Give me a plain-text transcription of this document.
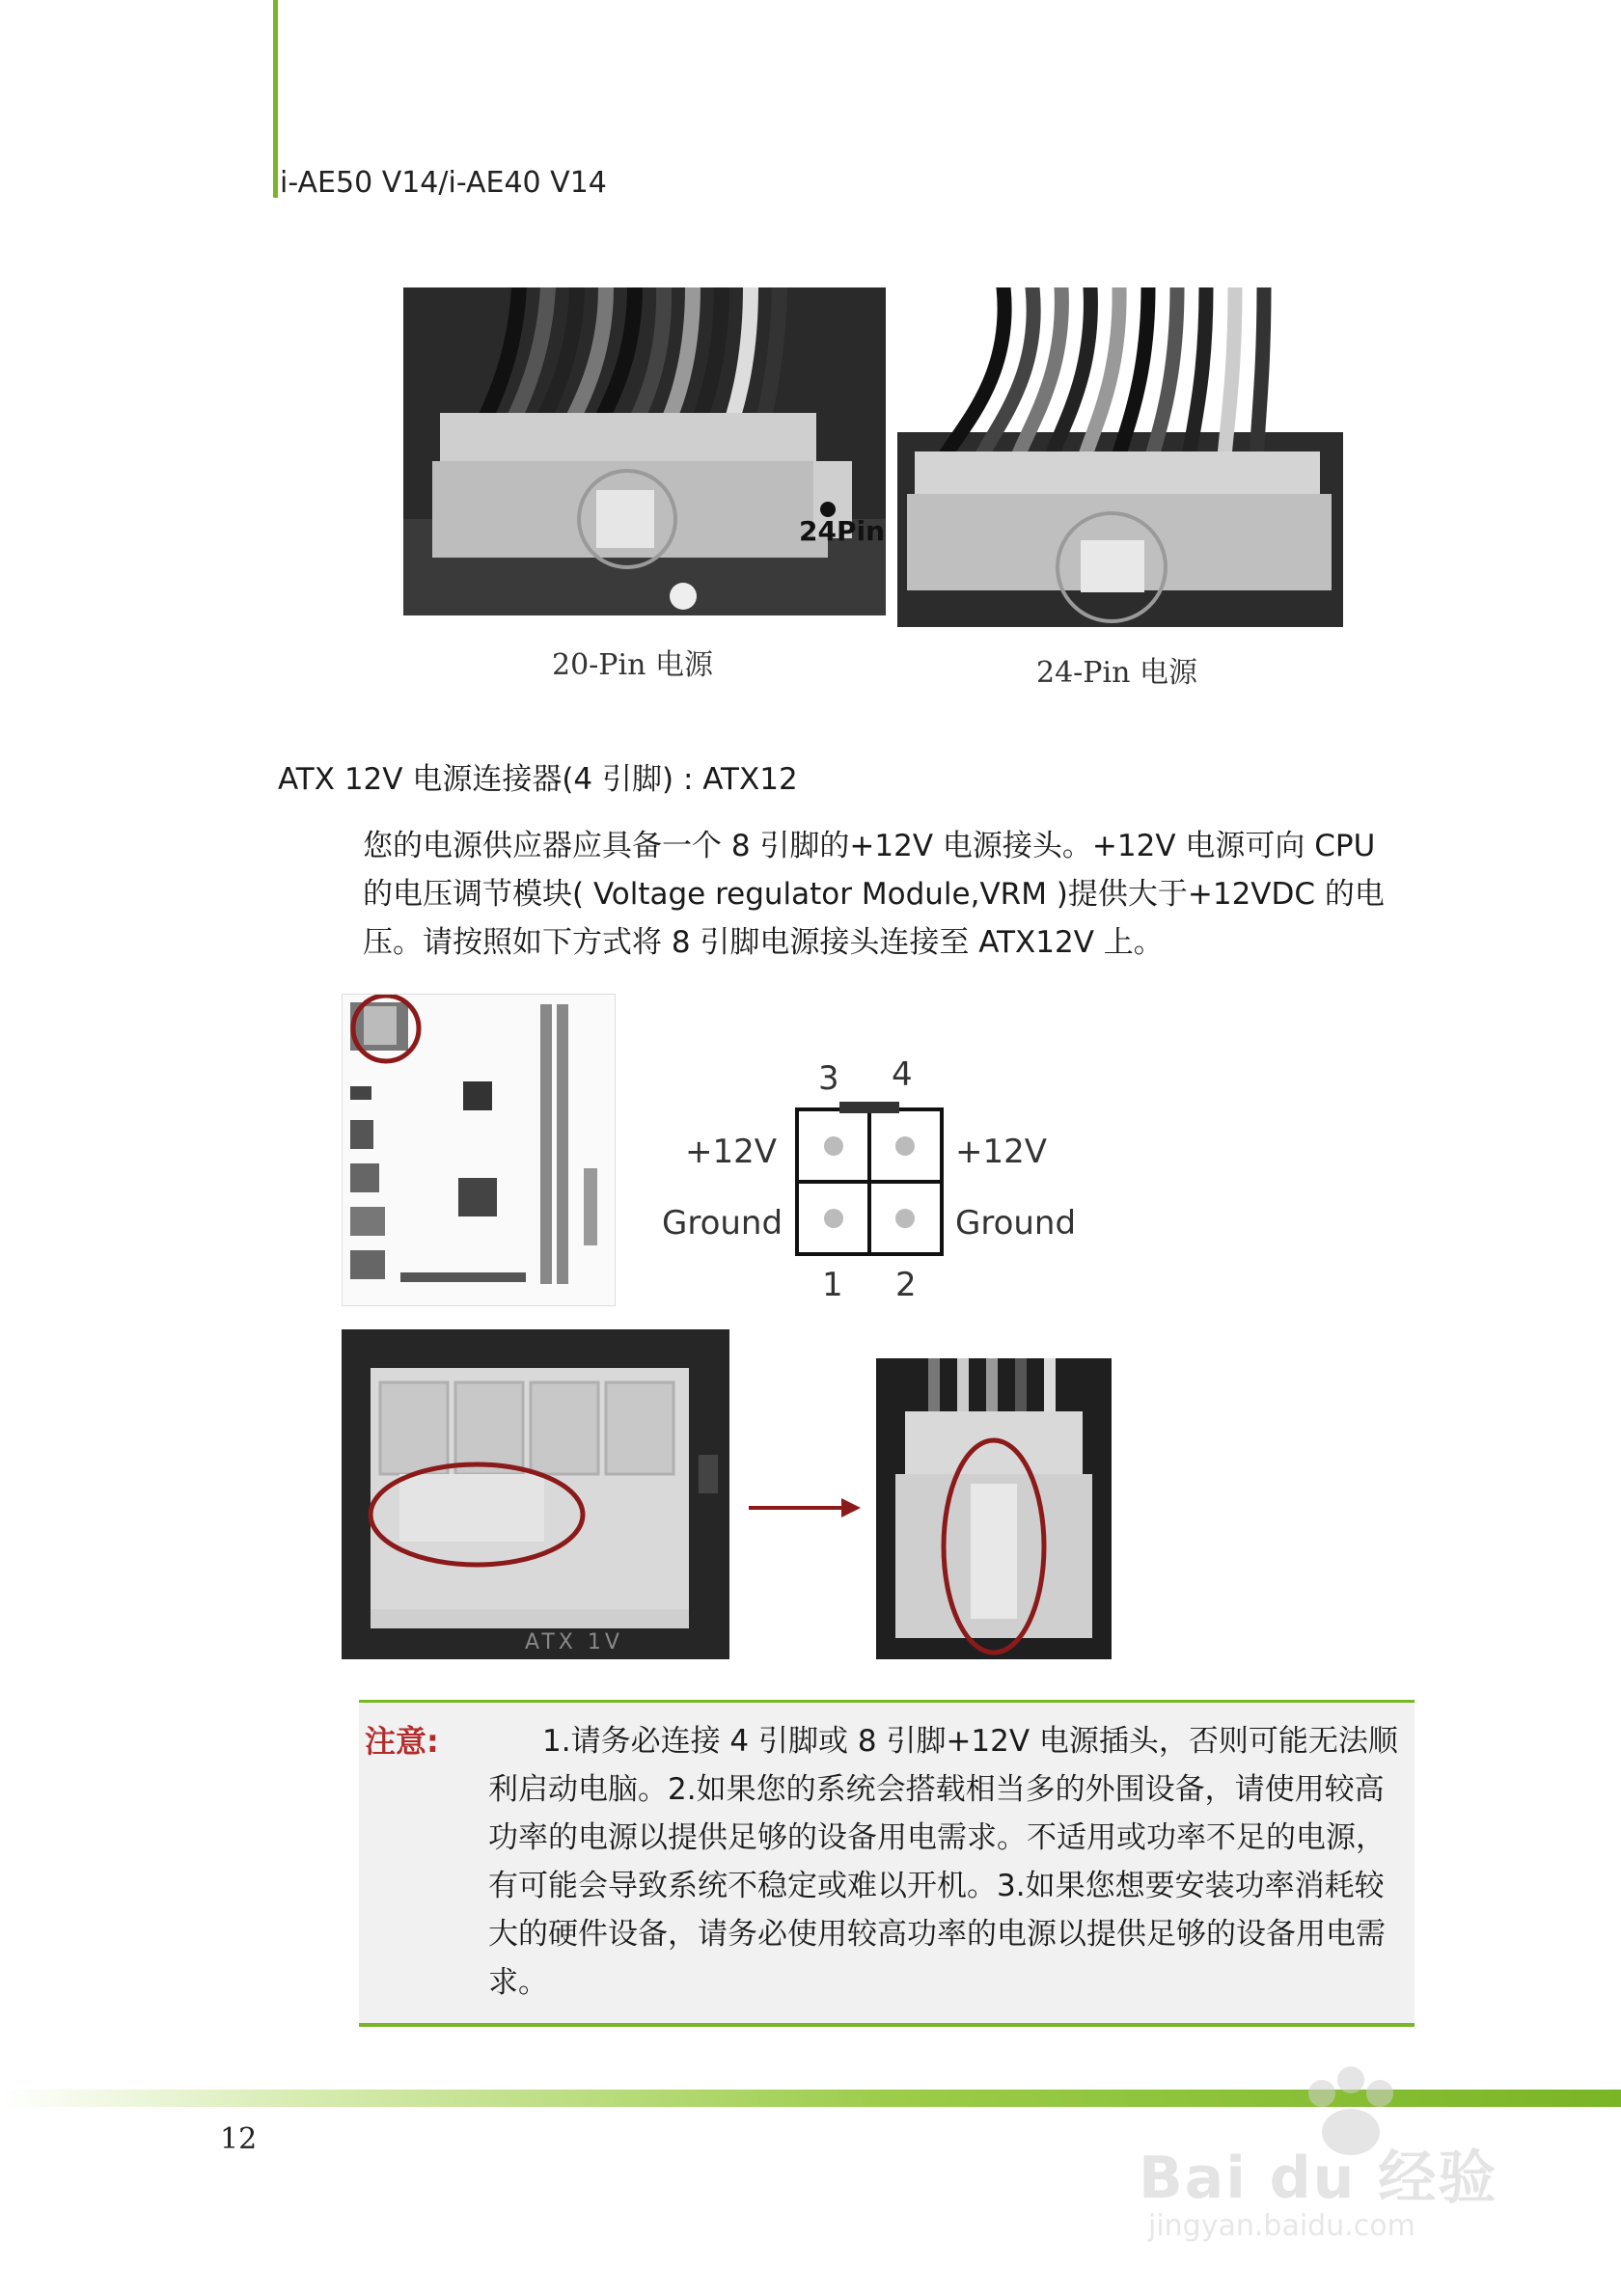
i-AE50 V14/i-AE40 V14
24Pin
20-Pin 电源	24-Pin 电源
ATX 12V 电源连接器(4 引脚) : ATX12
您的电源供应器应具备一个 8 引脚的+12V 电源接头。+12V 电源可向 CPU 的电压调节模块( Voltage regulator Module,VRM )提供大于+12VDC 的电压。请按照如下方式将 8 引脚电源接头连接至 ATX12V 上。
3 4
1 2
+12V
Ground
+12V
Ground
ATX 1V
注意:	1.请务必连接 4 引脚或 8 引脚+12V 电源插头，否则可能无法顺利启动电脑。2.如果您的系统会搭载相当多的外围设备，请使用较高功率的电源以提供足够的设备用电需求。不适用或功率不足的电源，有可能会导致系统不稳定或难以开机。3.如果您想要安装功率消耗较大的硬件设备，请务必使用较高功率的电源以提供足够的设备用电需求。
12
Bai du 经验
jingyan.baidu.com
